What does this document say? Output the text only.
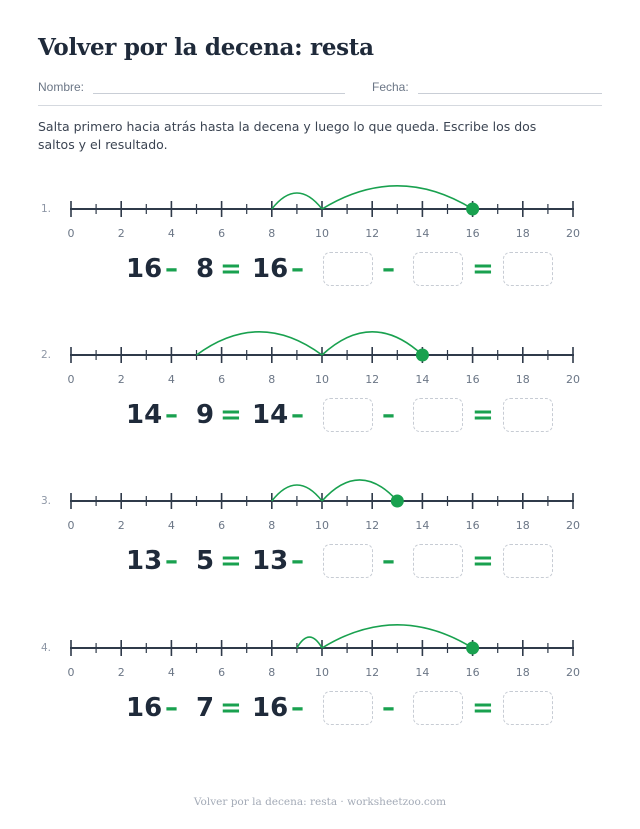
Volver por la decena: resta
Nombre:	Fecha:

Salta primero hacia atrás hasta la decena y luego lo que queda. Escribe los dos saltos y el resultado.

1.
0	2	4	6	8	10	12	14	16	18	20
16 – 8 = 16 –	–	=
2.
0	2	4	6	8	10	12	14	16	18	20
14 – 9 = 14 –	–	=
3.
0	2	4	6	8	10	12	14	16	18	20
13 – 5 = 13 –	–	=
4.
0	2	4	6	8	10	12	14	16	18	20
16 – 7 = 16 –	–	=
Volver por la decena: resta · worksheetzoo.com
